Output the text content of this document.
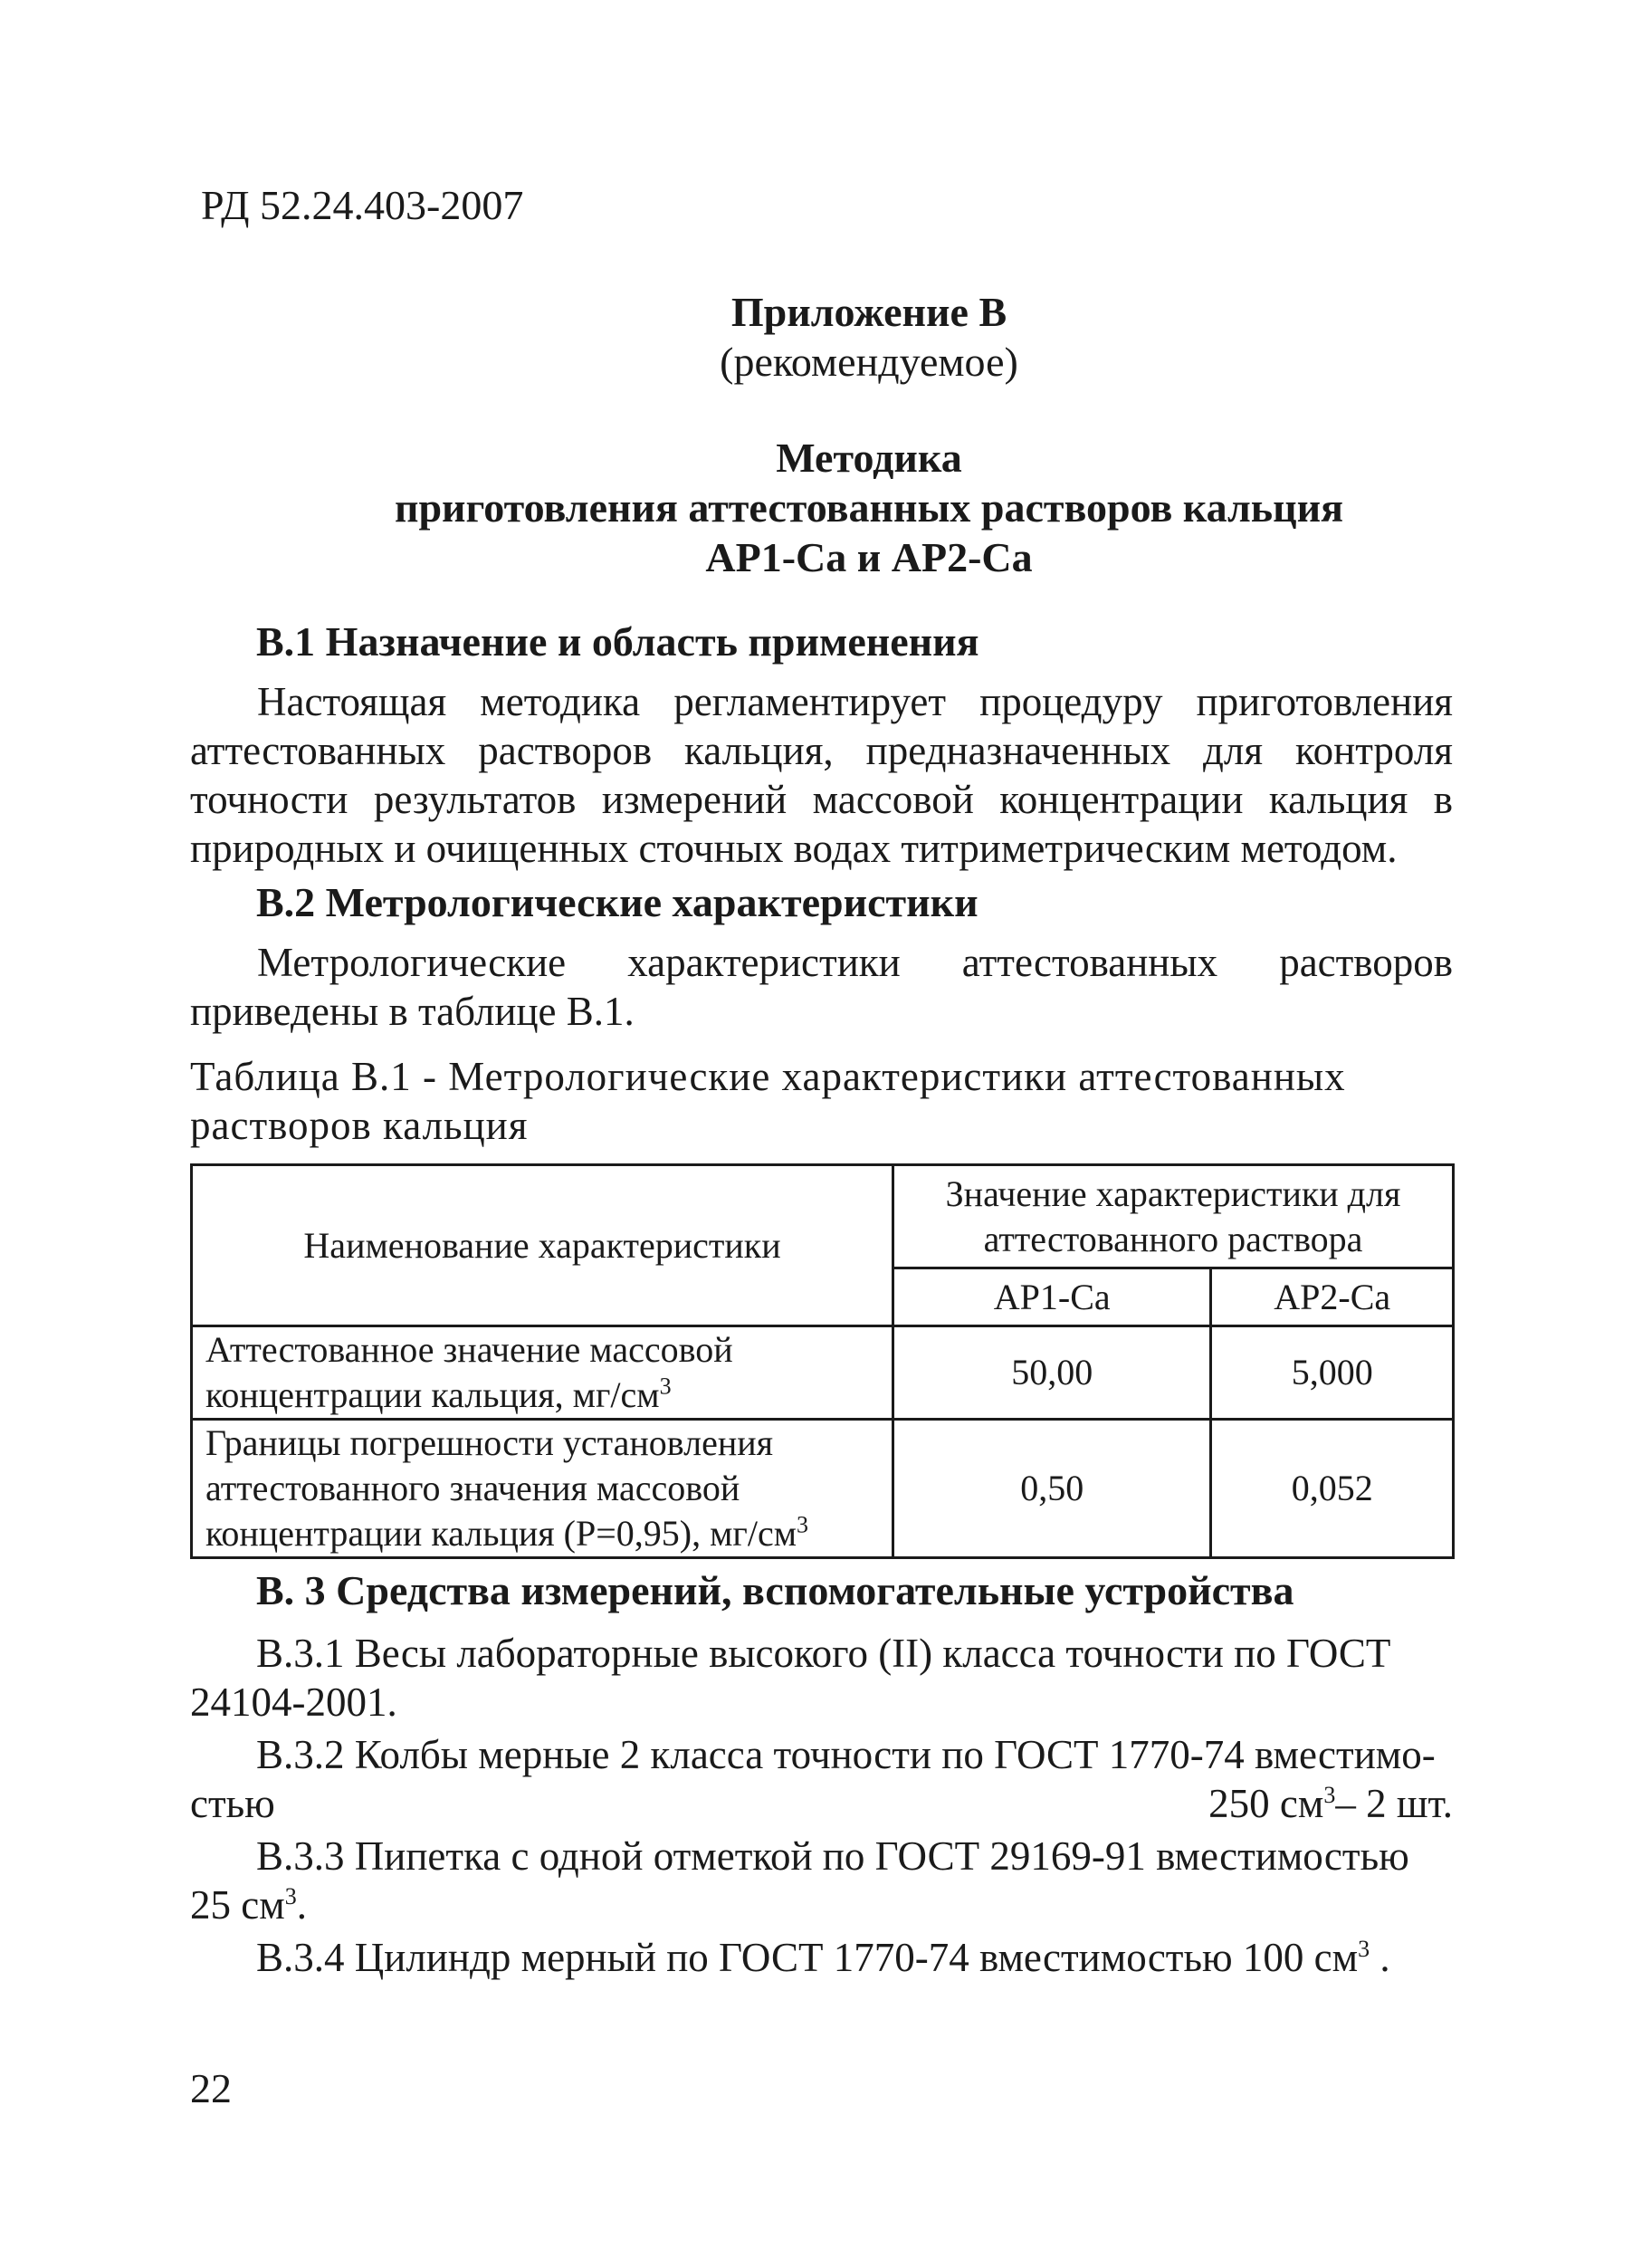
РД 52.24.403-2007

Приложение В

(рекомендуемое)

Методика
приготовления аттестованных растворов кальция
АР1-Са и АР2-Са

В.1 Назначение и область применения

Настоящая методика регламентирует процедуру приготовления аттестованных растворов кальция, предназначенных для контроля точности результатов измерений массовой концентрации кальция в природных и очищенных сточных водах титриметрическим методом.

В.2 Метрологические характеристики

Метрологические характеристики аттестованных растворов приведены в таблице В.1.

Таблица В.1 - Метрологические характеристики аттестованных растворов кальция

Наименование характеристики	Значение характеристики для аттестованного раствора	
	АР1-Са	АР2-Са
Аттестованное значение массовой концентрации кальция, $мг/см^3$	50,00	5,000
Границы погрешности установления аттестованного значения массовой концентрации кальция (Р=0,95), $мг/см^3$	0,50	0,052

В. 3 Средства измерений, вспомогательные устройства

В.3.1 Весы лабораторные высокого (II) класса точности по ГОСТ

24104-2001.

В.3.2 Колбы мерные 2 класса точности по ГОСТ 1770-74 вместимо-

стью	250 $см^3-$ 2 шт.

В.3.3 Пипетка с одной отметкой по ГОСТ 29169-91 вместимостью

25 $см^3$.

В.3.4 Цилиндр мерный по ГОСТ 1770-74 вместимостью 100 $см^3$ .

22
